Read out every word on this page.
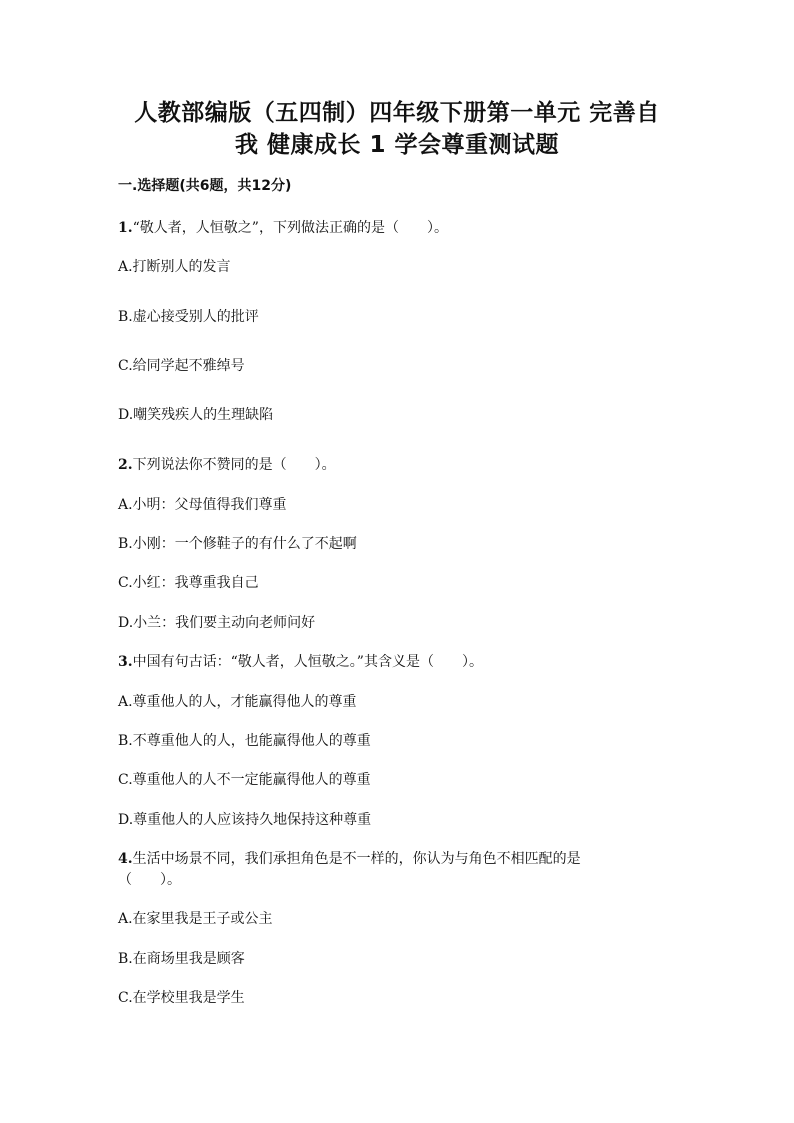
人教部编版（五四制）四年级下册第一单元 完善自
我 健康成长 1 学会尊重测试题
一.选择题(共6题，共12分)
1.“敬人者，人恒敬之”，下列做法正确的是（　　）。
A.打断别人的发言
B.虚心接受别人的批评
C.给同学起不雅绰号
D.嘲笑残疾人的生理缺陷
2.下列说法你不赞同的是（　　）。
A.小明：父母值得我们尊重
B.小刚：一个修鞋子的有什么了不起啊
C.小红：我尊重我自己
D.小兰：我们要主动向老师问好
3.中国有句古话：“敬人者，人恒敬之。”其含义是（　　）。
A.尊重他人的人，才能赢得他人的尊重
B.不尊重他人的人，也能赢得他人的尊重
C.尊重他人的人不一定能赢得他人的尊重
D.尊重他人的人应该持久地保持这种尊重
4.生活中场景不同，我们承担角色是不一样的，你认为与角色不相匹配的是
（　　）。
A.在家里我是王子或公主
B.在商场里我是顾客
C.在学校里我是学生
